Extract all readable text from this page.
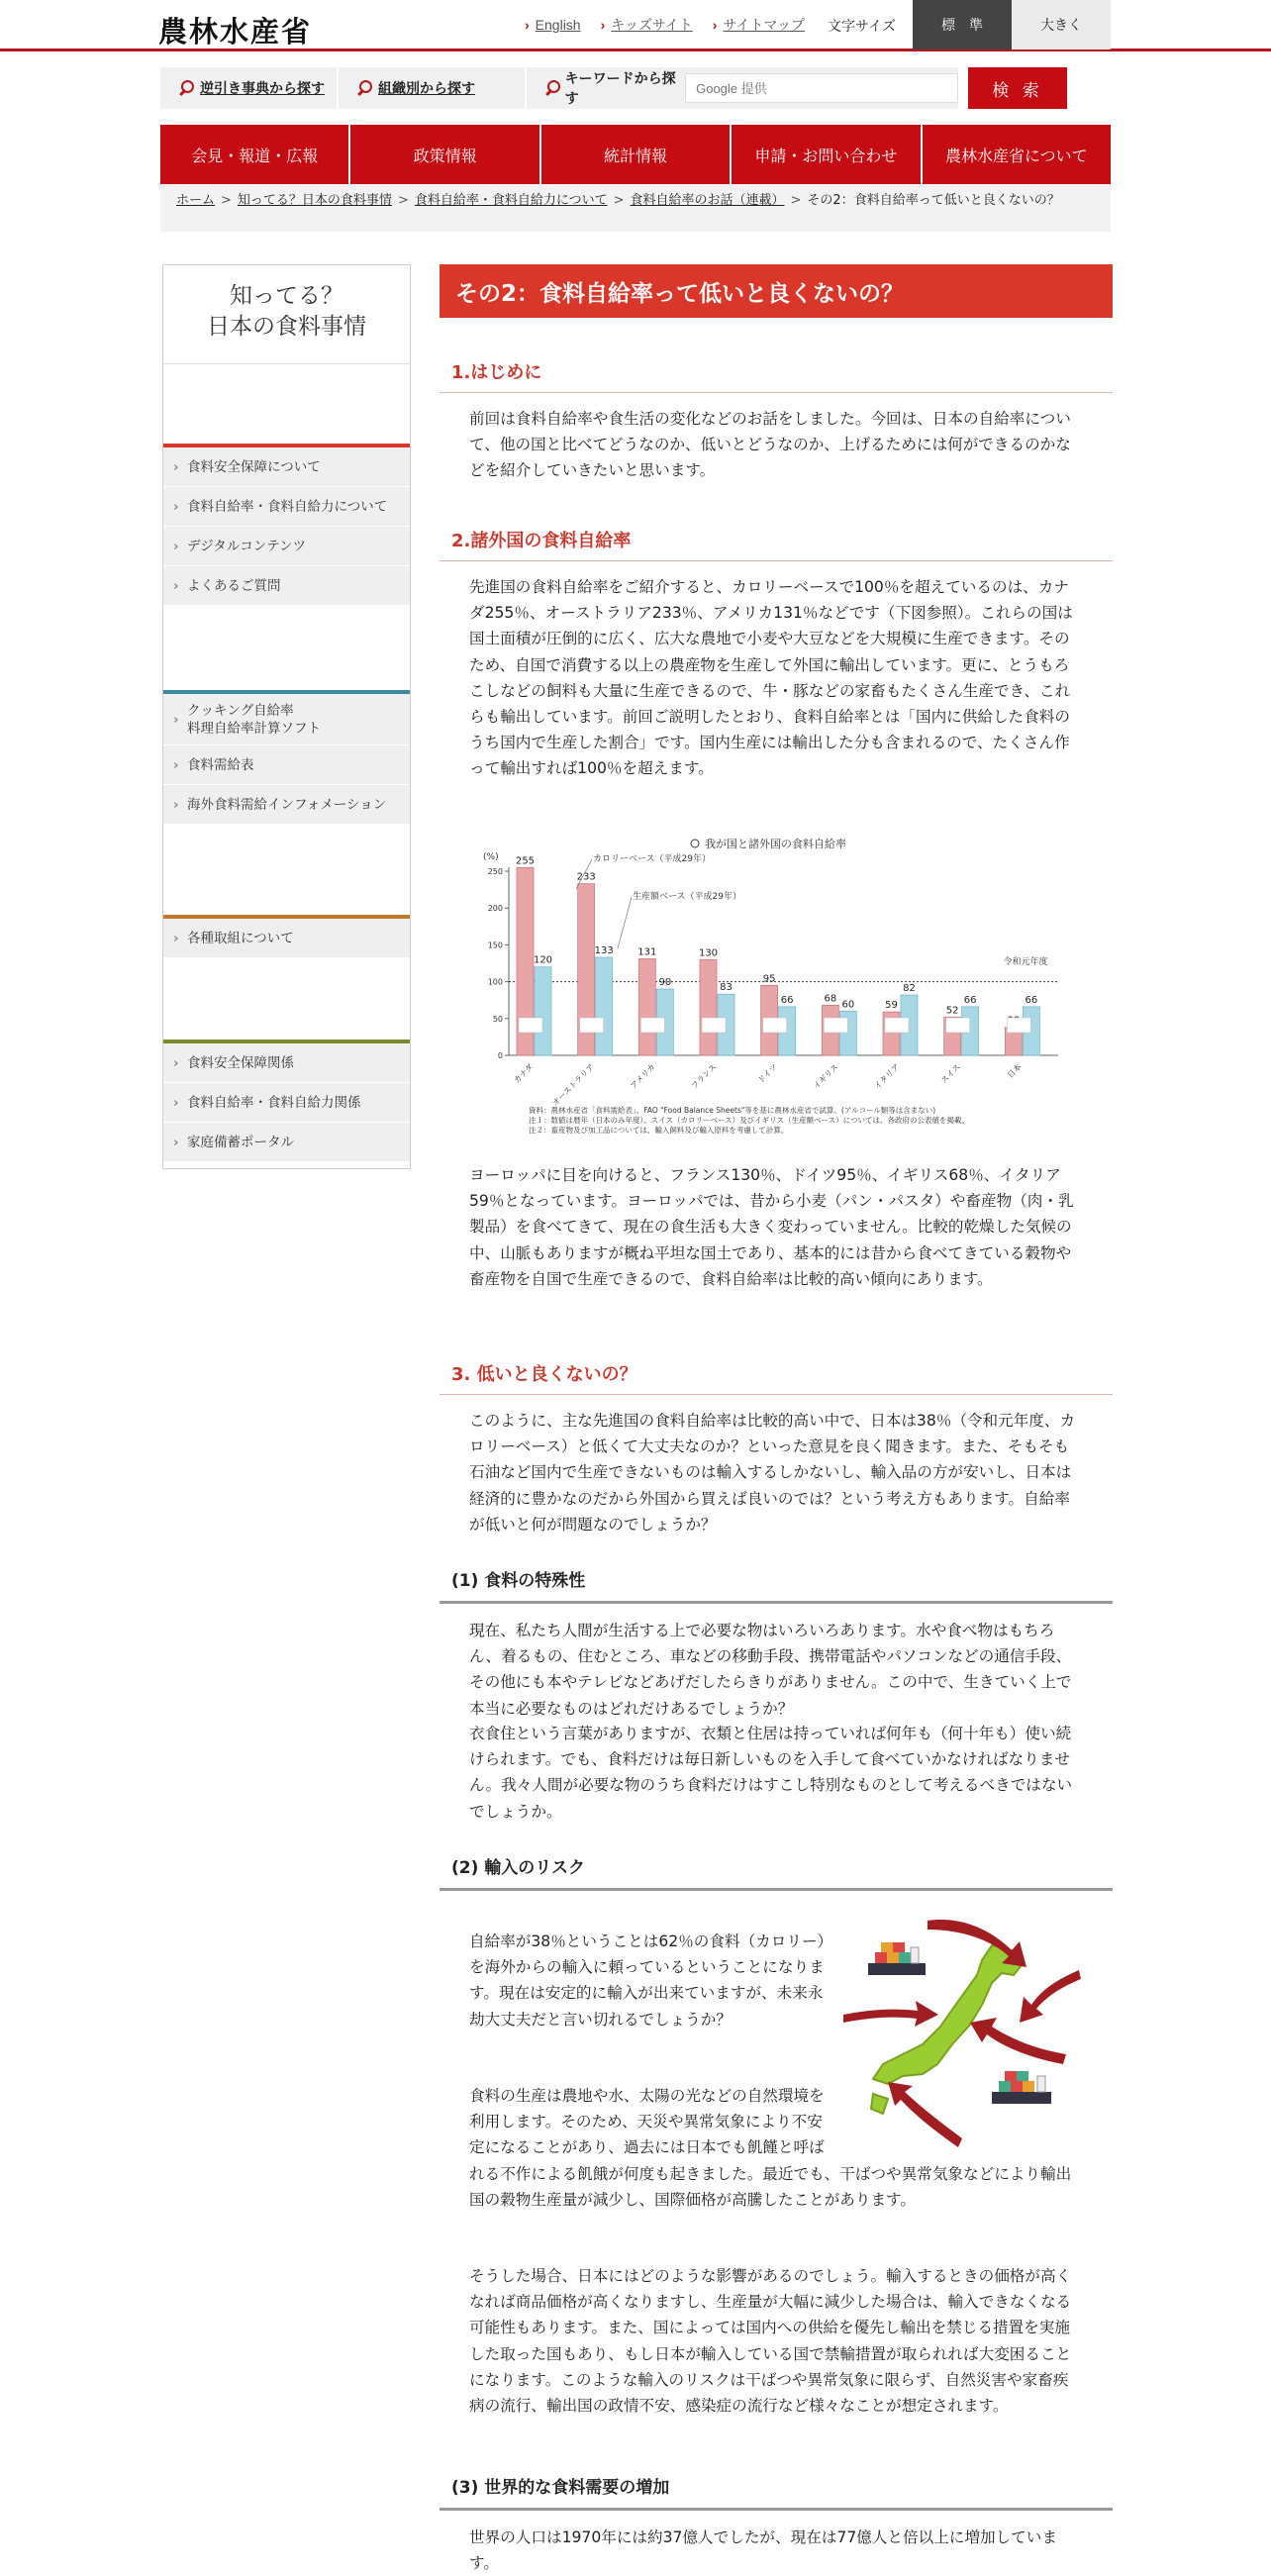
農林水産省	› English	› キッズサイト	› サイトマップ 文字サイズ	標　準	大きく
逆引き事典から探す	組織別から探す
キーワードから探す
Google 提供	検 索
会見・報道・広報	政策情報	統計情報	申請・お問い合わせ	農林水産省について
ホーム > 知ってる？日本の食料事情 > 食料自給率・食料自給力について > 食料自給率のお話（連載） > その2：食料自給率って低いと良くないの？
知ってる？
日本の食料事情
› 食料安全保障について
› 食料自給率・食料自給力について
› デジタルコンテンツ
› よくあるご質問
› クッキング自給率
料理自給率計算ソフト
› 食料需給表
› 海外食料需給インフォメーション
› 各種取組について
› 食料安全保障関係
› 食料自給率・食料自給力関係
› 家庭備蓄ポータル
その2：食料自給率って低いと良くないの？
1.はじめに
前回は食料自給率や食生活の変化などのお話をしました。今回は、日本の自給率について、他の国と比べてどうなのか、低いとどうなのか、上げるためには何ができるのかなどを紹介していきたいと思います。
2.諸外国の食料自給率
先進国の食料自給率をご紹介すると、カロリーベースで100％を超えているのは、カナダ255％、オーストラリア233％、アメリカ131％などです（下図参照）。これらの国は国土面積が圧倒的に広く、広大な農地で小麦や大豆などを大規模に生産できます。そのため、自国で消費する以上の農産物を生産して外国に輸出しています。更に、とうもろこしなどの飼料も大量に生産できるので、牛・豚などの家畜もたくさん生産でき、これらも輸出しています。前回ご説明したとおり、食料自給率とは「国内に供給した食料のうち国内で生産した割合」です。国内生産には輸出した分も含まれるので、たくさん作って輸出すれば100％を超えます。
我が国と諸外国の食料自給率
(%)
0
50
100
150
200
250
255
120
カナダ
233
133
オーストラリア
131
90
アメリカ
130
83
フランス
95
66
ドイツ
68
60
イギリス
59
82
イタリア
52
66
スイス
66
日本
カロリーベース（平成29年）
生産額ベース（平成29年）
令和元年度
資料：農林水産省「食料需給表」、FAO "Food Balance Sheets"等を基に農林水産省で試算。(アルコール類等は含まない)
注１：数値は暦年（日本のみ年度）。スイス（カロリーベース）及びイギリス（生産額ベース）については、各政府の公表値を掲載。
注２：畜産物及び加工品については、輸入飼料及び輸入原料を考慮して計算。
ヨーロッパに目を向けると、フランス130％、ドイツ95％、イギリス68％、イタリア59％となっています。ヨーロッパでは、昔から小麦（パン・パスタ）や畜産物（肉・乳製品）を食べてきて、現在の食生活も大きく変わっていません。比較的乾燥した気候の中、山脈もありますが概ね平坦な国土であり、基本的には昔から食べてきている穀物や畜産物を自国で生産できるので、食料自給率は比較的高い傾向にあります。
3. 低いと良くないの？
このように、主な先進国の食料自給率は比較的高い中で、日本は38％（令和元年度、カロリーベース）と低くて大丈夫なのか？といった意見を良く聞きます。また、そもそも石油など国内で生産できないものは輸入するしかないし、輸入品の方が安いし、日本は経済的に豊かなのだから外国から買えば良いのでは？という考え方もあります。自給率が低いと何が問題なのでしょうか？
(1) 食料の特殊性
現在、私たち人間が生活する上で必要な物はいろいろあります。水や食べ物はもちろん、着るもの、住むところ、車などの移動手段、携帯電話やパソコンなどの通信手段、その他にも本やテレビなどあげだしたらきりがありません。この中で、生きていく上で本当に必要なものはどれだけあるでしょうか？
衣食住という言葉がありますが、衣類と住居は持っていれば何年も（何十年も）使い続けられます。でも、食料だけは毎日新しいものを入手して食べていかなければなりません。我々人間が必要な物のうち食料だけはすこし特別なものとして考えるべきではないでしょうか。
(2) 輸入のリスク
自給率が38％ということは62％の食料（カロリー）を海外からの輸入に頼っているということになります。現在は安定的に輸入が出来ていますが、未来永劫大丈夫だと言い切れるでしょうか？
食料の生産は農地や水、太陽の光などの自然環境を利用します。そのため、天災や異常気象により不安定になることがあり、過去には日本でも飢饉と呼ばれる不作による飢餓が何度も起きました。最近でも、干ばつや異常気象などにより輸出国の穀物生産量が減少し、国際価格が高騰したことがあります。
そうした場合、日本にはどのような影響があるのでしょう。輸入するときの価格が高くなれば商品価格が高くなりますし、生産量が大幅に減少した場合は、輸入できなくなる可能性もあります。また、国によっては国内への供給を優先し輸出を禁じる措置を実施した取った国もあり、もし日本が輸入している国で禁輸措置が取られれば大変困ることになります。このような輸入のリスクは干ばつや異常気象に限らず、自然災害や家畜疾病の流行、輸出国の政情不安、感染症の流行など様々なことが想定されます。
(3) 世界的な食料需要の増加
世界の人口は1970年には約37億人でしたが、現在は77億人と倍以上に増加しています。
